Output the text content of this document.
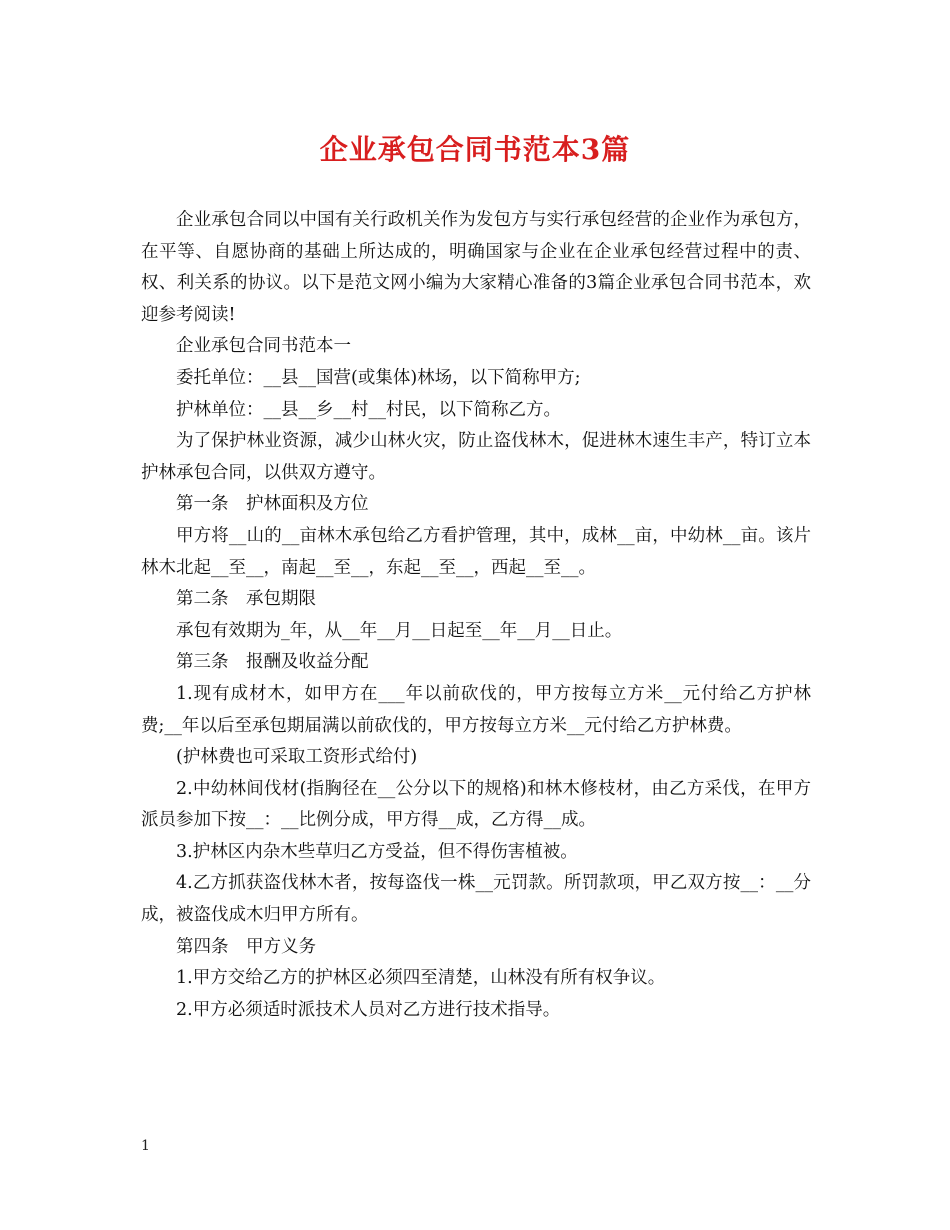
企业承包合同书范本3篇

企业承包合同以中国有关行政机关作为发包方与实行承包经营的企业作为承包方，在平等、自愿协商的基础上所达成的，明确国家与企业在企业承包经营过程中的责、权、利关系的协议。以下是范文网小编为大家精心准备的3篇企业承包合同书范本，欢迎参考阅读!

企业承包合同书范本一

委托单位：__县__国营(或集体)林场，以下简称甲方;

护林单位：__县__乡__村__村民，以下简称乙方。

为了保护林业资源，减少山林火灾，防止盗伐林木，促进林木速生丰产，特订立本护林承包合同，以供双方遵守。

第一条　护林面积及方位

甲方将__山的__亩林木承包给乙方看护管理，其中，成林__亩，中幼林__亩。该片林木北起__至__，南起__至__，东起__至__，西起__至__。

第二条　承包期限

承包有效期为_年，从__年__月__日起至__年__月__日止。

第三条　报酬及收益分配

1.现有成材木，如甲方在___年以前砍伐的，甲方按每立方米__元付给乙方护林费;__年以后至承包期届满以前砍伐的，甲方按每立方米__元付给乙方护林费。

(护林费也可采取工资形式给付)

2.中幼林间伐材(指胸径在__公分以下的规格)和林木修枝材，由乙方采伐，在甲方派员参加下按__：__比例分成，甲方得__成，乙方得__成。

3.护林区内杂木些草归乙方受益，但不得伤害植被。

4.乙方抓获盗伐林木者，按每盗伐一株__元罚款。所罚款项，甲乙双方按__：__分成，被盗伐成木归甲方所有。

第四条　甲方义务

1.甲方交给乙方的护林区必须四至清楚，山林没有所有权争议。

2.甲方必须适时派技术人员对乙方进行技术指导。

1
